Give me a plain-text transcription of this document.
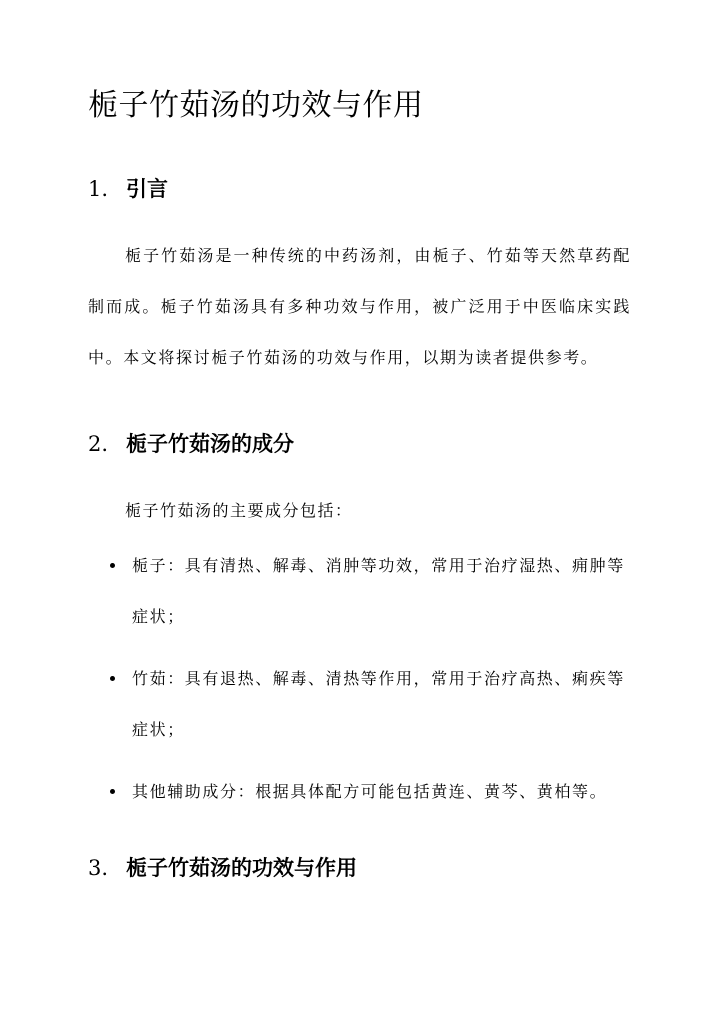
栀子竹茹汤的功效与作用
1. 引言

栀子竹茹汤是一种传统的中药汤剂，由栀子、竹茹等天然草药配制而成。栀子竹茹汤具有多种功效与作用，被广泛用于中医临床实践中。本文将探讨栀子竹茹汤的功效与作用，以期为读者提供参考。

2. 栀子竹茹汤的成分

栀子竹茹汤的主要成分包括：

栀子：具有清热、解毒、消肿等功效，常用于治疗湿热、痈肿等症状；
竹茹：具有退热、解毒、清热等作用，常用于治疗高热、痢疾等症状；
其他辅助成分：根据具体配方可能包括黄连、黄芩、黄柏等。
3. 栀子竹茹汤的功效与作用
